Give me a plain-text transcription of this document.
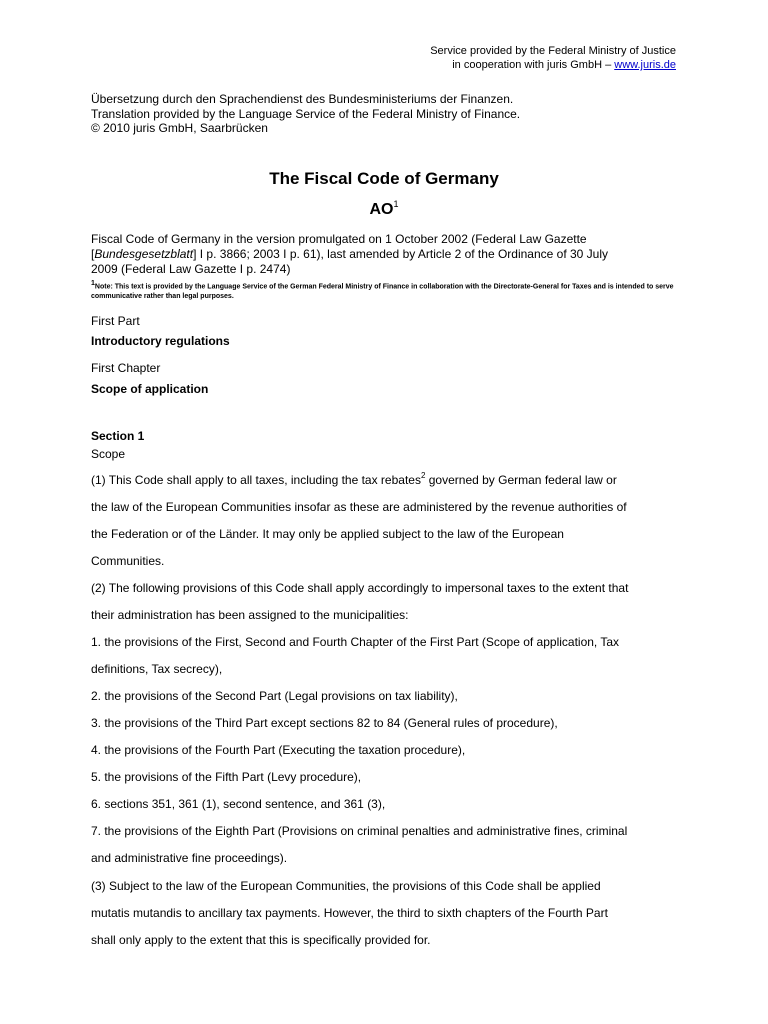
Service provided by the Federal Ministry of Justice
in cooperation with juris GmbH – www.juris.de
Übersetzung durch den Sprachendienst des Bundesministeriums der Finanzen.
Translation provided by the Language Service of the Federal Ministry of Finance.
© 2010 juris GmbH, Saarbrücken
The Fiscal Code of Germany
$AO^1$
Fiscal Code of Germany in the version promulgated on 1 October 2002 (Federal Law Gazette
[Bundesgesetzblatt] I p. 3866; 2003 I p. 61), last amended by Article 2 of the Ordinance of 30 July
2009 (Federal Law Gazette I p. 2474)
$^1$Note: This text is provided by the Language Service of the German Federal Ministry of Finance in collaboration with the Directorate-General for Taxes and is intended to serve communicative rather than legal purposes.
First Part
Introductory regulations
First Chapter
Scope of application
Section 1
Scope
(1) This Code shall apply to all taxes, including the tax rebates$^2$ governed by German federal law or
the law of the European Communities insofar as these are administered by the revenue authorities of
the Federation or of the Länder. It may only be applied subject to the law of the European
Communities.
(2) The following provisions of this Code shall apply accordingly to impersonal taxes to the extent that
their administration has been assigned to the municipalities:
1. the provisions of the First, Second and Fourth Chapter of the First Part (Scope of application, Tax
definitions, Tax secrecy),
2. the provisions of the Second Part (Legal provisions on tax liability),
3. the provisions of the Third Part except sections 82 to 84 (General rules of procedure),
4. the provisions of the Fourth Part (Executing the taxation procedure),
5. the provisions of the Fifth Part (Levy procedure),
6. sections 351, 361 (1), second sentence, and 361 (3),
7. the provisions of the Eighth Part (Provisions on criminal penalties and administrative fines, criminal
and administrative fine proceedings).
(3) Subject to the law of the European Communities, the provisions of this Code shall be applied
mutatis mutandis to ancillary tax payments. However, the third to sixth chapters of the Fourth Part
shall only apply to the extent that this is specifically provided for.
